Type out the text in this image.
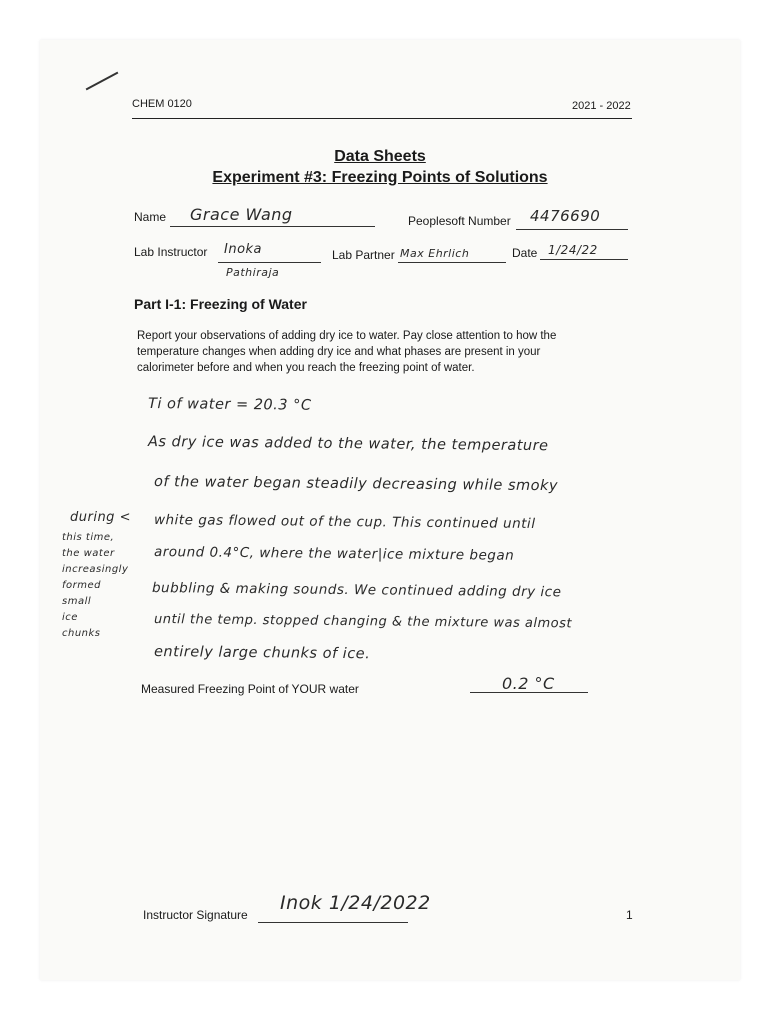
CHEM 0120	2021 - 2022

Data Sheets

Experiment #3: Freezing Points of Solutions

Name Grace Wang	Peoplesoft Number 4476690

Lab Instructor Inoka

Pathiraja

Lab Partner Max Ehrlich	Date 1/24/22

Part I-1: Freezing of Water

Report your observations of adding dry ice to water. Pay close attention to how the

temperature changes when adding dry ice and what phases are present in your

calorimeter before and when you reach the freezing point of water.

Ti of water = 20.3 °C

As dry ice was added to the water, the temperature

of the water began steadily decreasing while smoky

white gas flowed out of the cup. This continued until

around 0.4°C, where the water|ice mixture began

bubbling & making sounds. We continued adding dry ice

until the temp. stopped changing & the mixture was almost

entirely large chunks of ice.

during <

this time,

the water

increasingly

formed

small

ice

chunks

Measured Freezing Point of YOUR water	0.2 °C

Instructor Signature

Inok 1/24/2022

1
